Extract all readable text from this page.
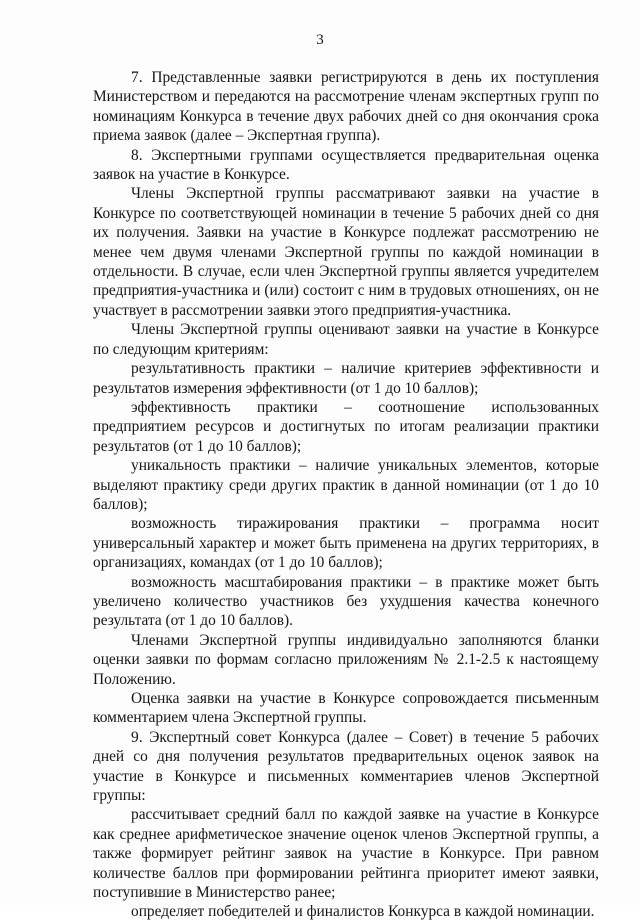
3

7. Представленные заявки регистрируются в день их поступления Министерством и передаются на рассмотрение членам экспертных групп по номинациям Конкурса в течение двух рабочих дней со дня окончания срока приема заявок (далее – Экспертная группа).

8. Экспертными группами осуществляется предварительная оценка заявок на участие в Конкурсе.

Члены Экспертной группы рассматривают заявки на участие в Конкурсе по соответствующей номинации в течение 5 рабочих дней со дня их получения. Заявки на участие в Конкурсе подлежат рассмотрению не менее чем двумя членами Экспертной группы по каждой номинации в отдельности. В случае, если член Экспертной группы является учредителем предприятия-участника и (или) состоит с ним в трудовых отношениях, он не участвует в рассмотрении заявки этого предприятия-участника.

Члены Экспертной группы оценивают заявки на участие в Конкурсе по следующим критериям:

результативность практики – наличие критериев эффективности и результатов измерения эффективности (от 1 до 10 баллов);

эффективность практики – соотношение использованных предприятием ресурсов и достигнутых по итогам реализации практики результатов (от 1 до 10 баллов);

уникальность практики – наличие уникальных элементов, которые выделяют практику среди других практик в данной номинации (от 1 до 10 баллов);

возможность тиражирования практики – программа носит универсальный характер и может быть применена на других территориях, в организациях, командах (от 1 до 10 баллов);

возможность масштабирования практики – в практике может быть увеличено количество участников без ухудшения качества конечного результата (от 1 до 10 баллов).

Членами Экспертной группы индивидуально заполняются бланки оценки заявки по формам согласно приложениям № 2.1-2.5 к настоящему Положению.

Оценка заявки на участие в Конкурсе сопровождается письменным комментарием члена Экспертной группы.

9. Экспертный совет Конкурса (далее – Совет) в течение 5 рабочих дней со дня получения результатов предварительных оценок заявок на участие в Конкурсе и письменных комментариев членов Экспертной группы:

рассчитывает средний балл по каждой заявке на участие в Конкурсе как среднее арифметическое значение оценок членов Экспертной группы, а также формирует рейтинг заявок на участие в Конкурсе. При равном количестве баллов при формировании рейтинга приоритет имеют заявки, поступившие в Министерство ранее;

определяет победителей и финалистов Конкурса в каждой номинации.
